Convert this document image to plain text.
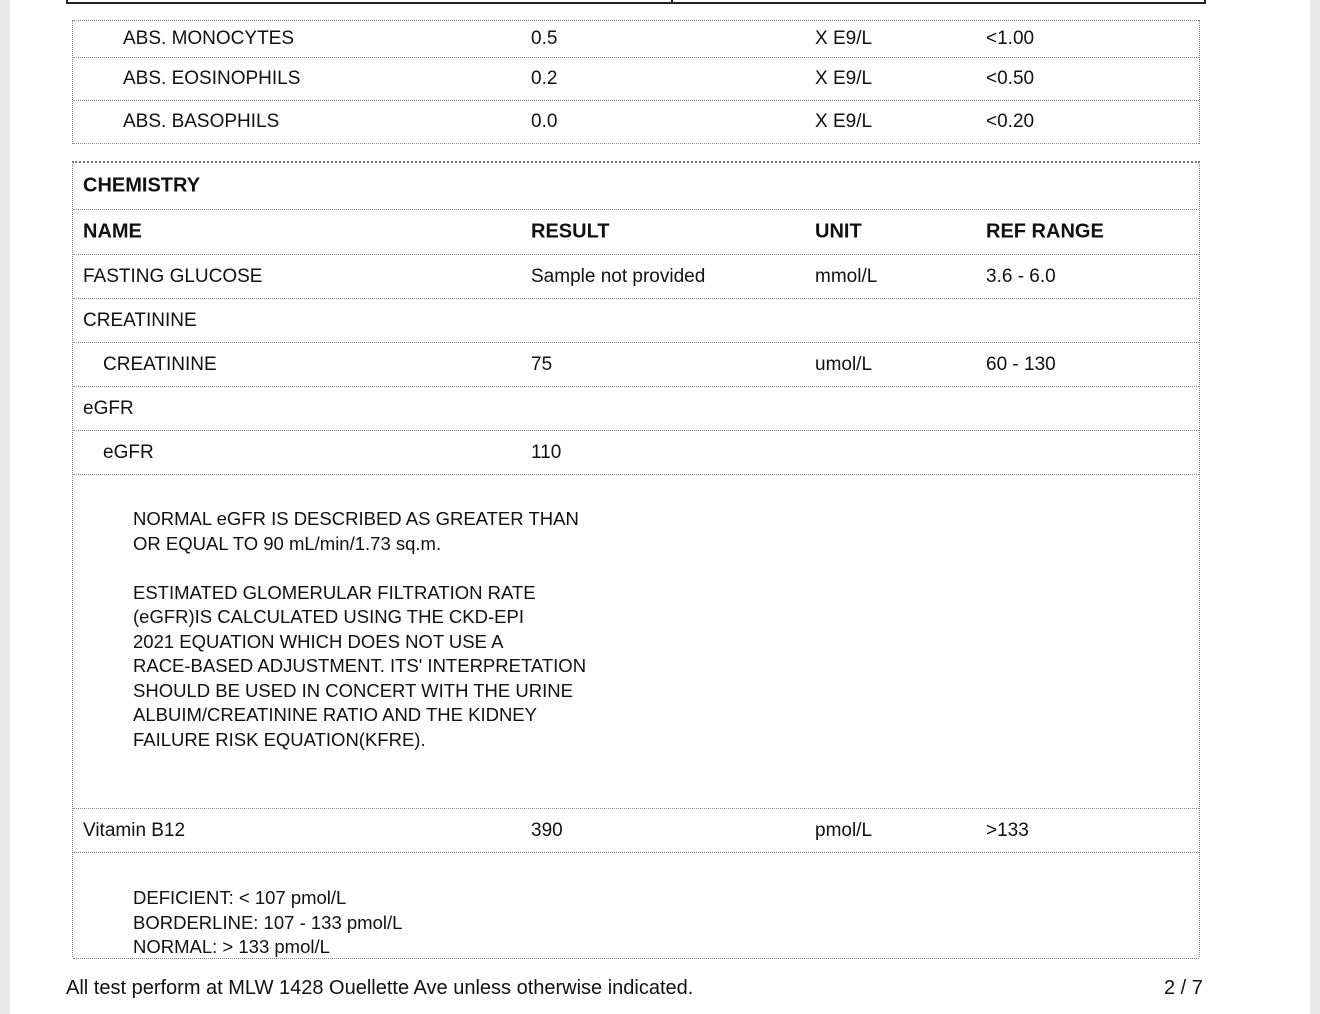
ABS. MONOCYTES	0.5	X E9/L	<1.00
ABS. EOSINOPHILS	0.2	X E9/L	<0.50
ABS. BASOPHILS	0.0	X E9/L	<0.20
CHEMISTRY
NAME	RESULT	UNIT	REF RANGE
FASTING GLUCOSE	Sample not provided	mmol/L	3.6 - 6.0
CREATININE
CREATININE	75	umol/L	60 - 130
eGFR
eGFR	110
NORMAL eGFR IS DESCRIBED AS GREATER THAN
OR EQUAL TO 90 mL/min/1.73 sq.m.

ESTIMATED GLOMERULAR FILTRATION RATE
(eGFR)IS CALCULATED USING THE CKD-EPI
2021 EQUATION WHICH DOES NOT USE A
RACE-BASED ADJUSTMENT. ITS' INTERPRETATION
SHOULD BE USED IN CONCERT WITH THE URINE
ALBUIM/CREATININE RATIO AND THE KIDNEY
FAILURE RISK EQUATION(KFRE).
Vitamin B12	390	pmol/L	>133
DEFICIENT: < 107 pmol/L
BORDERLINE: 107 - 133 pmol/L
NORMAL: > 133 pmol/L
All test perform at MLW 1428 Ouellette Ave unless otherwise indicated.	2 / 7
